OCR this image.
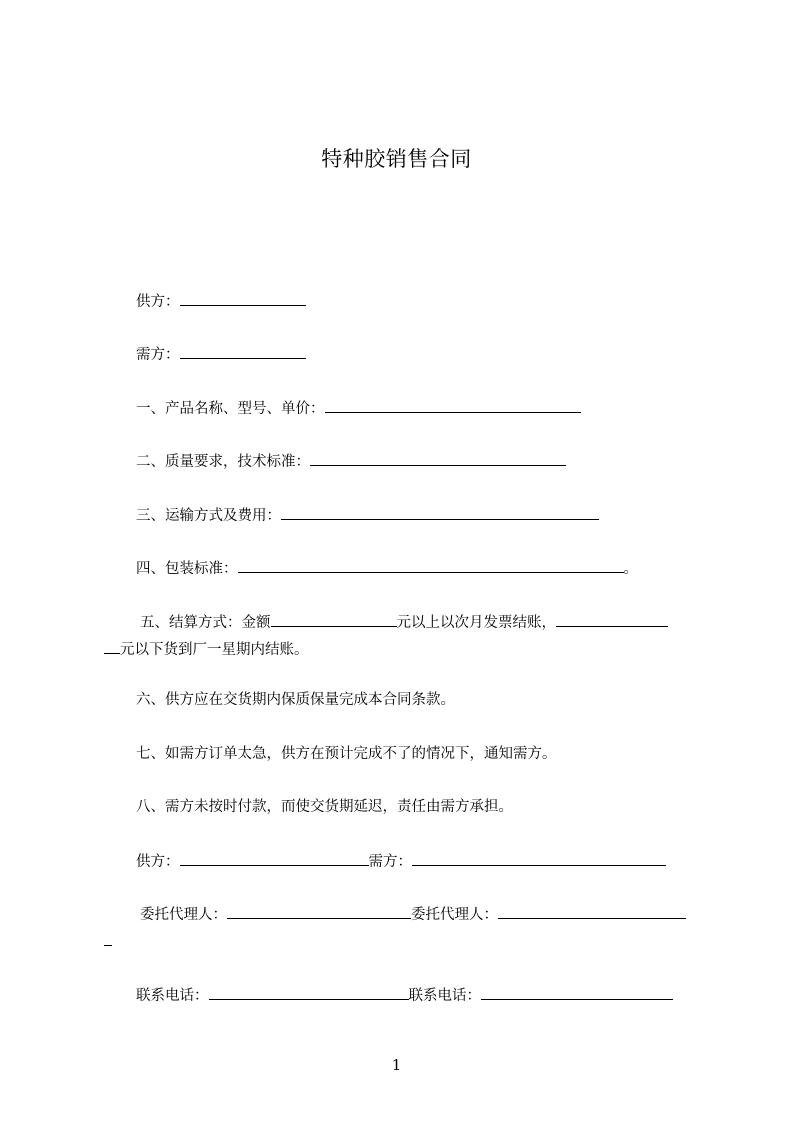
特种胶销售合同
供方：
需方：
一、产品名称、型号、单价：
二、质量要求，技术标准：
三、运输方式及费用：
四、包装标准：	。
五、结算方式：金额	元以上以次月发票结账，
元以下货到厂一星期内结账。
六、供方应在交货期内保质保量完成本合同条款。
七、如需方订单太急，供方在预计完成不了的情况下，通知需方。
八、需方未按时付款，而使交货期延迟，责任由需方承担。
供方：	需方：
委托代理人：	委托代理人：
联系电话：	联系电话：
1
